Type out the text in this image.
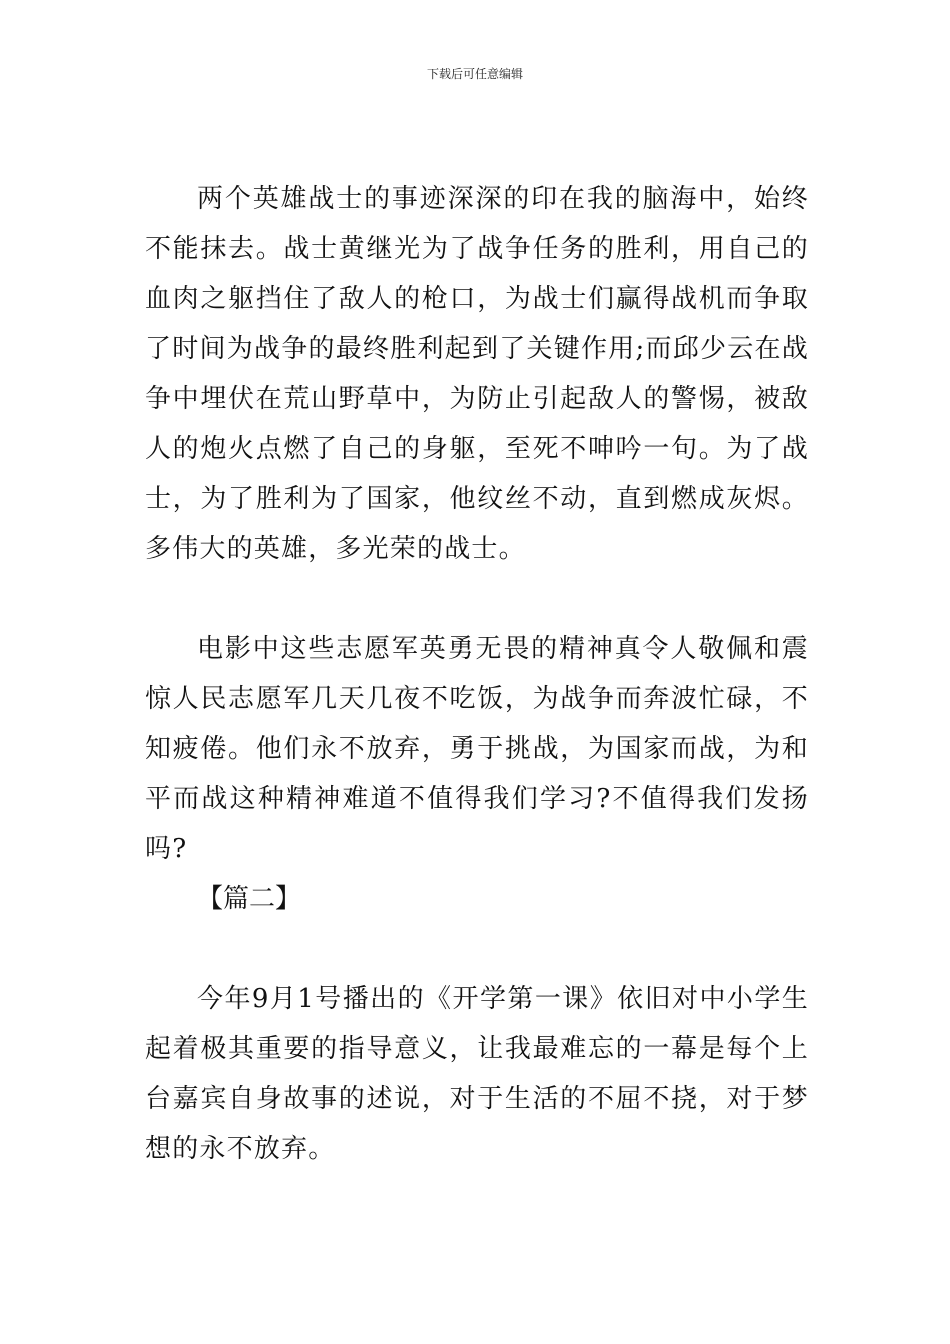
下载后可任意编辑

两个英雄战士的事迹深深的印在我的脑海中，始终不能抹去。战士黄继光为了战争任务的胜利，用自己的血肉之躯挡住了敌人的枪口，为战士们赢得战机而争取了时间为战争的最终胜利起到了关键作用;而邱少云在战争中埋伏在荒山野草中，为防止引起敌人的警惕，被敌人的炮火点燃了自己的身躯，至死不呻吟一句。为了战士，为了胜利为了国家，他纹丝不动，直到燃成灰烬。多伟大的英雄，多光荣的战士。

电影中这些志愿军英勇无畏的精神真令人敬佩和震惊人民志愿军几天几夜不吃饭，为战争而奔波忙碌，不知疲倦。他们永不放弃，勇于挑战，为国家而战，为和平而战这种精神难道不值得我们学习?不值得我们发扬吗?

【篇二】

今年9月1号播出的《开学第一课》依旧对中小学生起着极其重要的指导意义，让我最难忘的一幕是每个上台嘉宾自身故事的述说，对于生活的不屈不挠，对于梦想的永不放弃。
